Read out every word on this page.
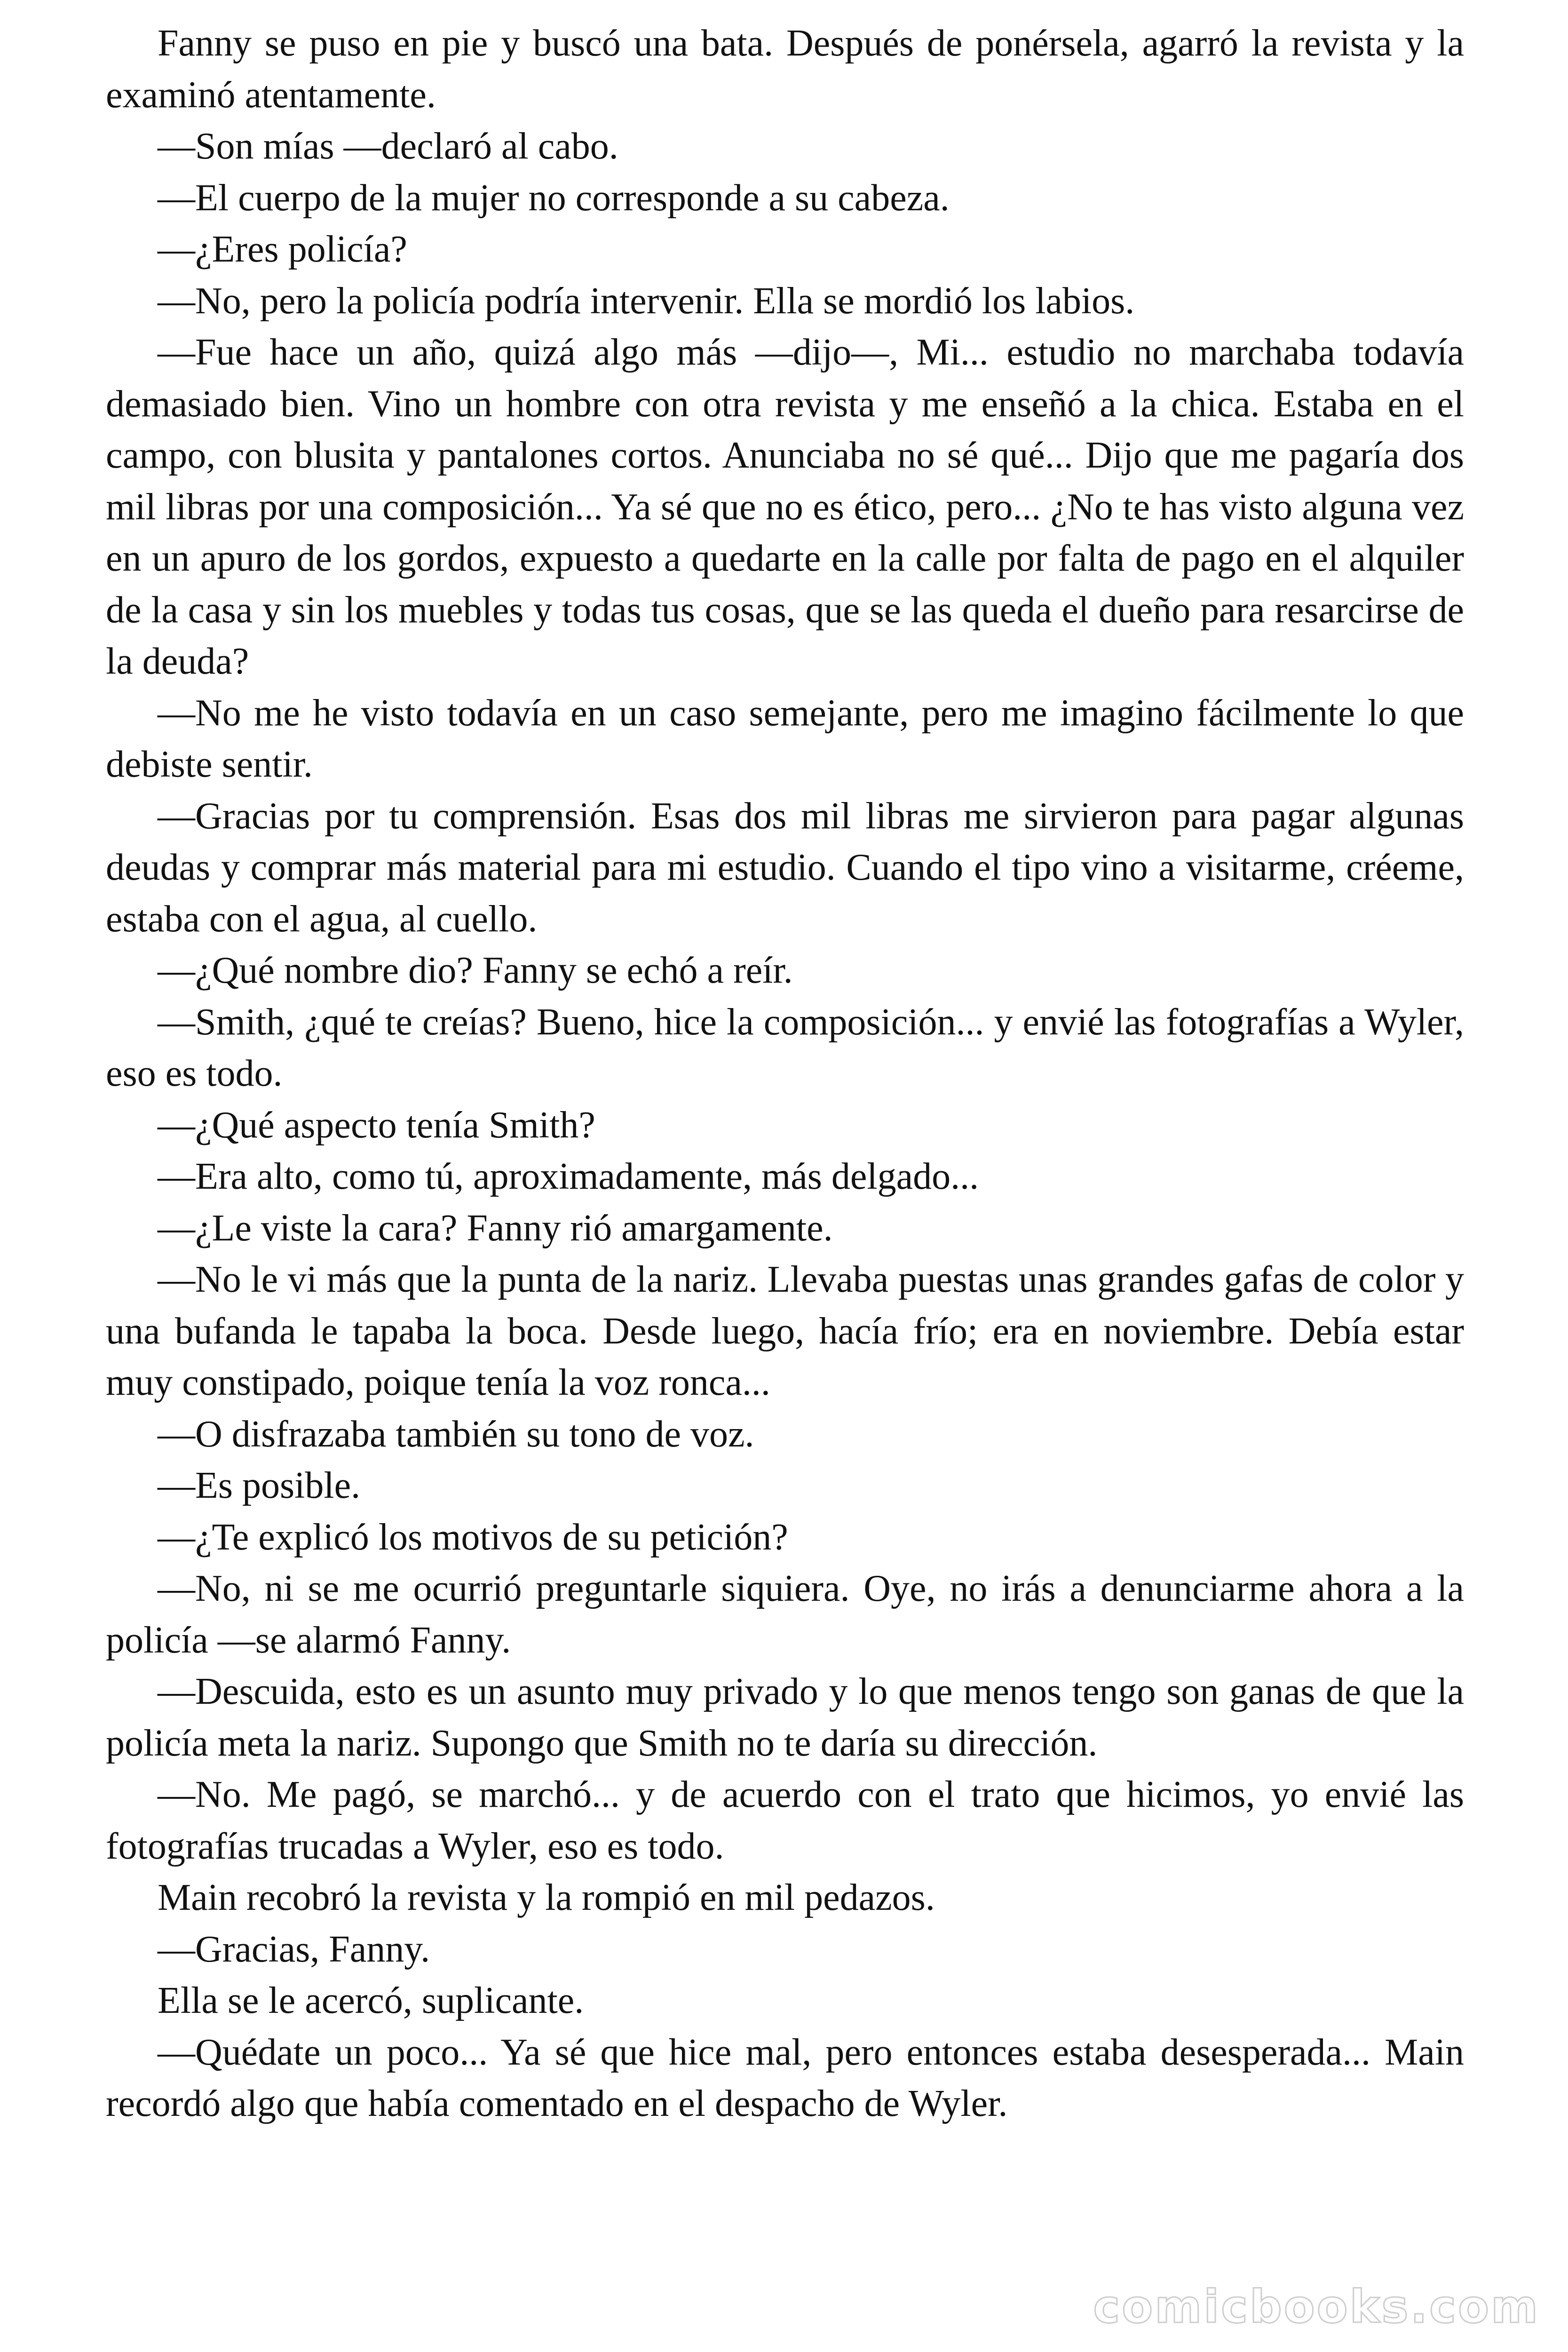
Fanny se puso en pie y buscó una bata. Después de ponérsela, agarró la revista y la examinó atentamente.

—Son mías —declaró al cabo.

—El cuerpo de la mujer no corresponde a su cabeza.

—¿Eres policía?

—No, pero la policía podría intervenir. Ella se mordió los labios.

—Fue hace un año, quizá algo más —dijo—, Mi... estudio no marchaba todavía demasiado bien. Vino un hombre con otra revista y me enseñó a la chica. Estaba en el campo, con blusita y pantalones cortos. Anunciaba no sé qué... Dijo que me pagaría dos mil libras por una composición... Ya sé que no es ético, pero... ¿No te has visto alguna vez en un apuro de los gordos, expuesto a quedarte en la calle por falta de pago en el alquiler de la casa y sin los muebles y todas tus cosas, que se las queda el dueño para resarcirse de la deuda?

—No me he visto todavía en un caso semejante, pero me imagino fácilmente lo que debiste sentir.

—Gracias por tu comprensión. Esas dos mil libras me sirvieron para pagar algunas deudas y comprar más material para mi estudio. Cuando el tipo vino a visitarme, créeme, estaba con el agua, al cuello.

—¿Qué nombre dio? Fanny se echó a reír.

—Smith, ¿qué te creías? Bueno, hice la composición... y envié las fotografías a Wyler, eso es todo.

—¿Qué aspecto tenía Smith?

—Era alto, como tú, aproximadamente, más delgado...

—¿Le viste la cara? Fanny rió amargamente.

—No le vi más que la punta de la nariz. Llevaba puestas unas grandes gafas de color y una bufanda le tapaba la boca. Desde luego, hacía frío; era en noviembre. Debía estar muy constipado, poique tenía la voz ronca...

—O disfrazaba también su tono de voz.

—Es posible.

—¿Te explicó los motivos de su petición?

—No, ni se me ocurrió preguntarle siquiera. Oye, no irás a denunciarme ahora a la policía —se alarmó Fanny.

—Descuida, esto es un asunto muy privado y lo que menos tengo son ganas de que la policía meta la nariz. Supongo que Smith no te daría su dirección.

—No. Me pagó, se marchó... y de acuerdo con el trato que hicimos, yo envié las fotografías trucadas a Wyler, eso es todo.

Main recobró la revista y la rompió en mil pedazos.

—Gracias, Fanny.

Ella se le acercó, suplicante.

—Quédate un poco... Ya sé que hice mal, pero entonces estaba desesperada... Main recordó algo que había comentado en el despacho de Wyler.

comicbooks.com
